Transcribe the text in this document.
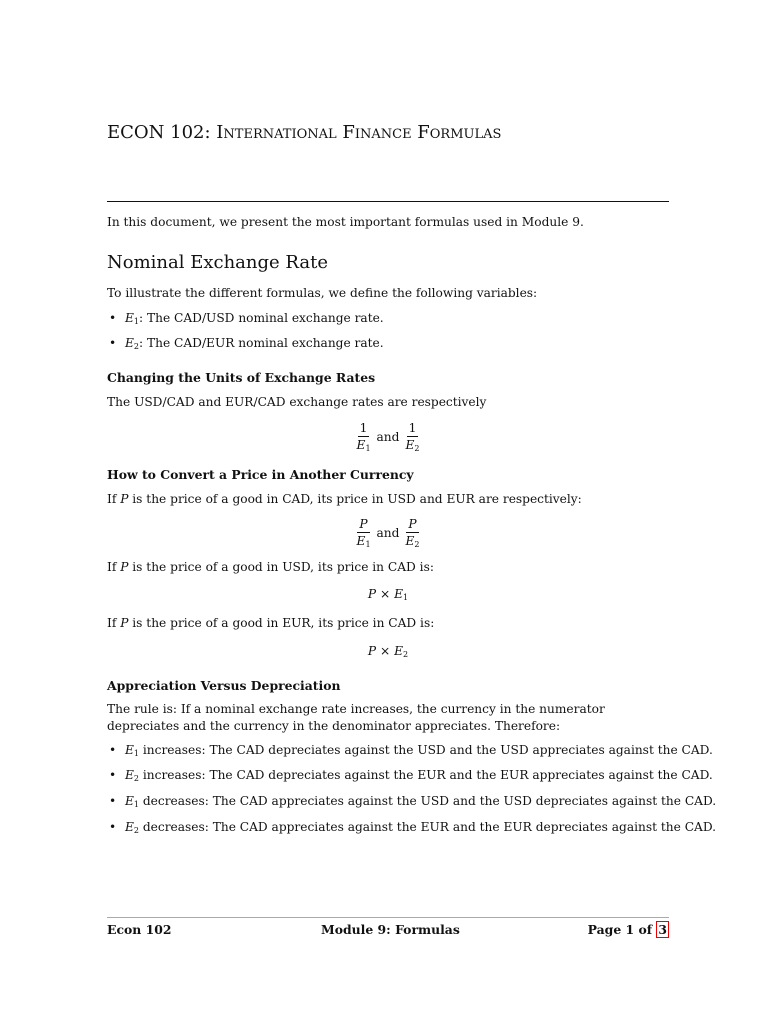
ECON 102: International Finance Formulas
In this document, we present the most important formulas used in Module 9.
Nominal Exchange Rate
To illustrate the different formulas, we define the following variables:
• $E_1$: The CAD/USD nominal exchange rate.
• $E_2$: The CAD/EUR nominal exchange rate.
Changing the Units of Exchange Rates
The USD/CAD and EUR/CAD exchange rates are respectively
$\frac{1}{E_1}$ and $\frac{1}{E_2}$
How to Convert a Price in Another Currency
If P is the price of a good in CAD, its price in USD and EUR are respectively:
$\frac{P}{E_1}$ and $\frac{P}{E_2}$
If P is the price of a good in USD, its price in CAD is:
$P \times E_1$
If P is the price of a good in EUR, its price in CAD is:
$P \times E_2$
Appreciation Versus Depreciation
The rule is: If a nominal exchange rate increases, the currency in the numerator depreciates and the currency in the denominator appreciates. Therefore:
• $E_1$ increases: The CAD depreciates against the USD and the USD appreciates against the CAD.
• $E_2$ increases: The CAD depreciates against the EUR and the EUR appreciates against the CAD.
• $E_1$ decreases: The CAD appreciates against the USD and the USD depreciates against the CAD.
• $E_2$ decreases: The CAD appreciates against the EUR and the EUR depreciates against the CAD.
Econ 102	Module 9: Formulas	Page 1 of 3
